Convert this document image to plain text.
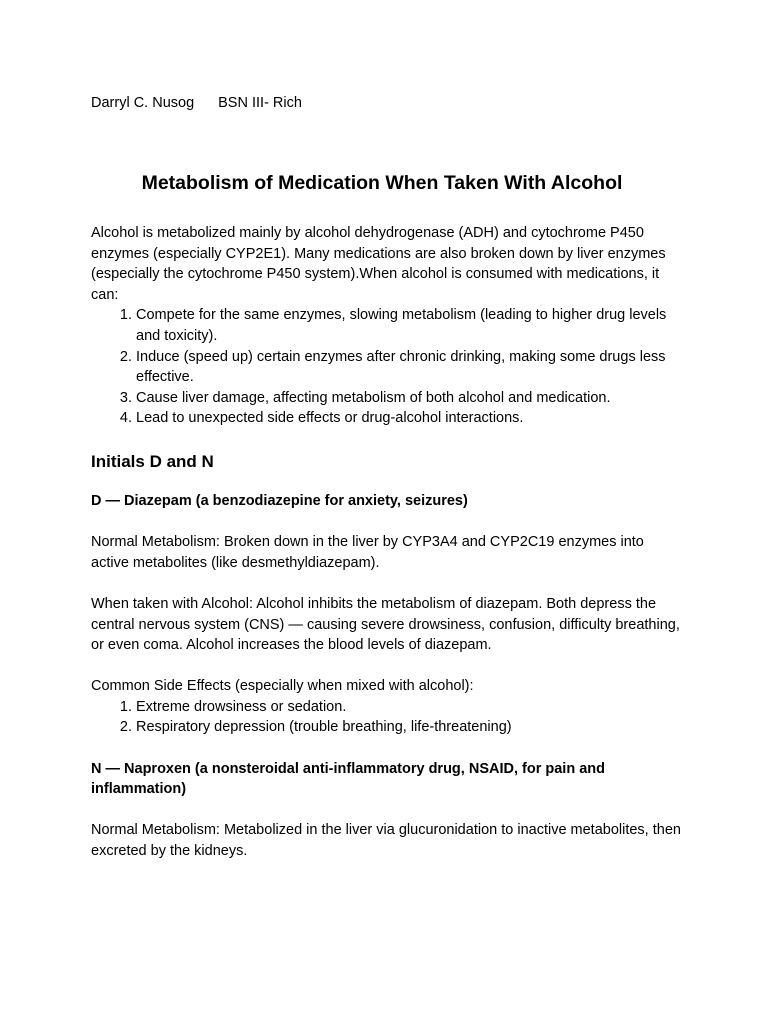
Darryl C. Nusog BSN III- Rich
Metabolism of Medication When Taken With Alcohol

Alcohol is metabolized mainly by alcohol dehydrogenase (ADH) and cytochrome P450 enzymes (especially CYP2E1). Many medications are also broken down by liver enzymes (especially the cytochrome P450 system).When alcohol is consumed with medications, it can:

1. Compete for the same enzymes, slowing metabolism (leading to higher drug levels and toxicity).
2. Induce (speed up) certain enzymes after chronic drinking, making some drugs less effective.
3. Cause liver damage, affecting metabolism of both alcohol and medication.
4. Lead to unexpected side effects or drug-alcohol interactions.
Initials D and N
D — Diazepam (a benzodiazepine for anxiety, seizures)

Normal Metabolism: Broken down in the liver by CYP3A4 and CYP2C19 enzymes into active metabolites (like desmethyldiazepam).

When taken with Alcohol: Alcohol inhibits the metabolism of diazepam. Both depress the central nervous system (CNS) — causing severe drowsiness, confusion, difficulty breathing, or even coma. Alcohol increases the blood levels of diazepam.

Common Side Effects (especially when mixed with alcohol):

1. Extreme drowsiness or sedation.
2. Respiratory depression (trouble breathing, life-threatening)
N — Naproxen (a nonsteroidal anti-inflammatory drug, NSAID, for pain and inflammation)

Normal Metabolism: Metabolized in the liver via glucuronidation to inactive metabolites, then excreted by the kidneys.
